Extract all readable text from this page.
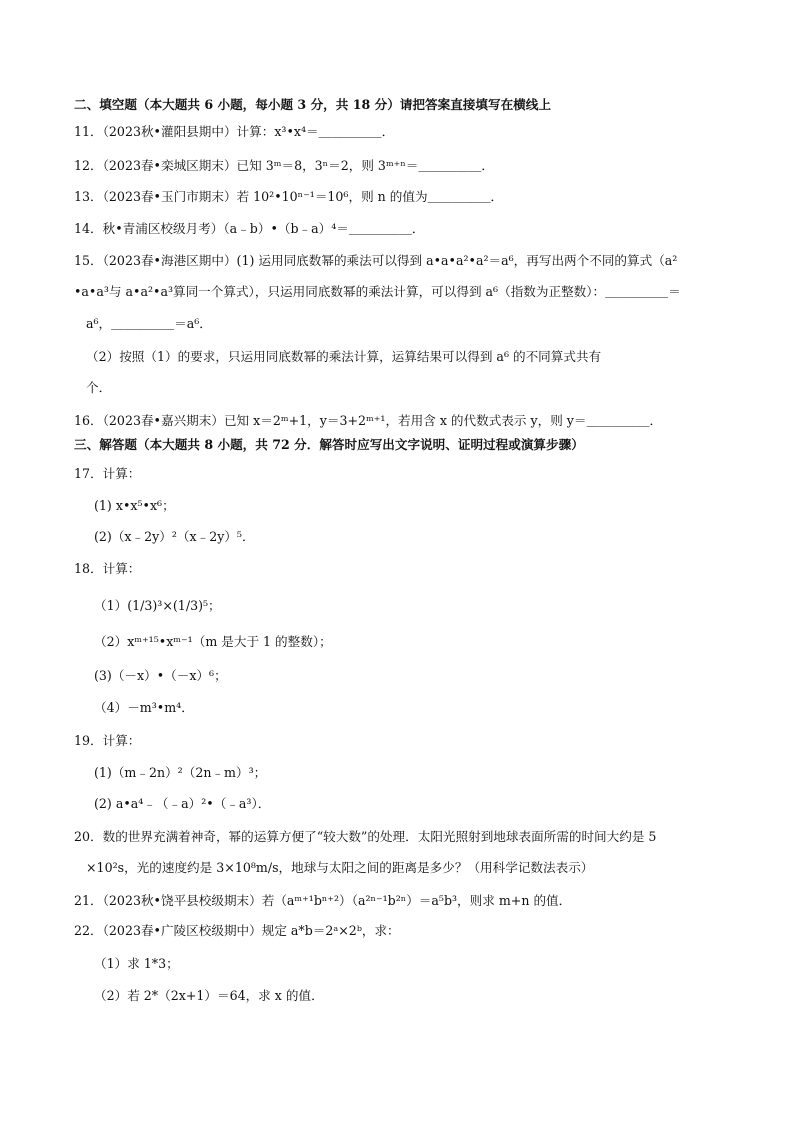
二、填空题（本大题共 6 小题，每小题 3 分，共 18 分）请把答案直接填写在横线上
11．（2023秋•灌阳县期中）计算：x³•x⁴＝＿＿＿＿＿．
12．（2023春•栾城区期末）已知 3ᵐ＝8，3ⁿ＝2，则 3ᵐ⁺ⁿ＝＿＿＿＿＿．
13．（2023春•玉门市期末）若 10²•10ⁿ⁻¹＝10⁶，则 n 的值为＿＿＿＿＿．
14．秋•青浦区校级月考）（a﹣b）•（b﹣a）⁴＝＿＿＿＿＿．
15．（2023春•海港区期中）(1) 运用同底数幂的乘法可以得到 a•a•a²•a²＝a⁶，再写出两个不同的算式（a²
•a•a³与 a•a²•a³算同一个算式），只运用同底数幂的乘法计算，可以得到 a⁶（指数为正整数）：＿＿＿＿＿＝
a⁶，＿＿＿＿＿＝a⁶．
（2）按照（1）的要求，只运用同底数幂的乘法计算，运算结果可以得到 a⁶ 的不同算式共有
个．
16．（2023春•嘉兴期末）已知 x＝2ᵐ+1，y＝3+2ᵐ⁺¹，若用含 x 的代数式表示 y，则 y＝＿＿＿＿＿．
三、解答题（本大题共 8 小题，共 72 分．解答时应写出文字说明、证明过程或演算步骤）
17．计算：
(1) x•x⁵•x⁶；
(2)（x﹣2y）²（x﹣2y）⁵．
18．计算：
（1）(1/3)³×(1/3)⁵；
（2）xᵐ⁺¹⁵•xᵐ⁻¹（m 是大于 1 的整数）；
(3)（－x）•（－x）⁶；
（4）－m³•m⁴．
19．计算：
(1)（m﹣2n）²（2n﹣m）³；
(2) a•a⁴﹣（﹣a）²•（﹣a³）．
20．数的世界充满着神奇，幂的运算方便了“较大数”的处理．太阳光照射到地球表面所需的时间大约是 5
×10²s，光的速度约是 3×10⁸m/s，地球与太阳之间的距离是多少？（用科学记数法表示）
21．（2023秋•饶平县校级期末）若（aᵐ⁺¹bⁿ⁺²）（a²ⁿ⁻¹b²ⁿ）＝a⁵b³，则求 m+n 的值．
22．（2023春•广陵区校级期中）规定 a*b＝2ᵃ×2ᵇ，求：
（1）求 1*3；
（2）若 2*（2x+1）＝64，求 x 的值．
